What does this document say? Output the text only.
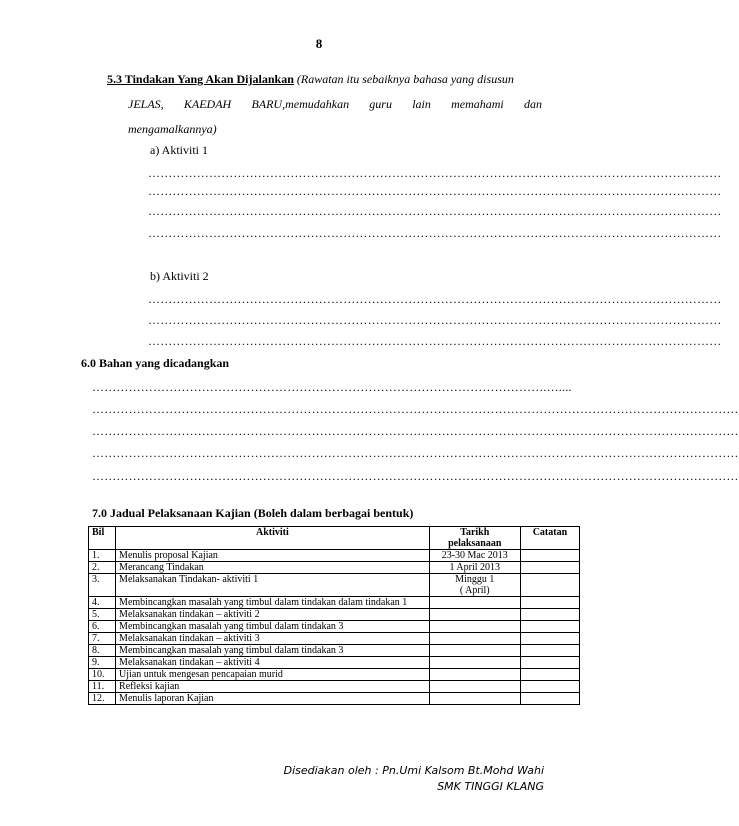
8
5.3 Tindakan Yang Akan Dijalankan (Rawatan itu sebaiknya bahasa yang disusun
JELAS, KAEDAH BARU,memudahkan guru lain memahami dan
mengamalkannya)
a) Aktiviti 1
……………………………………………………………………………………………………………………………
……………………………………………………………………………………………………………………………
……………………………………………………………………………………………………………………………
……………………………………………………………………………………………………………………………
b) Aktiviti 2
……………………………………………………………………………………………………………………………
……………………………………………………………………………………………………………………………
……………………………………………………………………………………………………………………………
6.0 Bahan yang dicadangkan
………………………………………………………………………………………………….…....
……………………………………………………………………………………………………………………………………………
……………………………………………………………………………………………………………………………………………
……………………………………………………………………………………………………………………………………………
……………………………………………………………………………………………………………………………………………
7.0 Jadual Pelaksanaan Kajian (Boleh dalam berbagai bentuk)
Bil	Aktiviti	Tarikh
pelaksanaan	Catatan
1.	Menulis proposal Kajian	23-30 Mac 2013	

2.	Merancang Tindakan	1 April 2013	

3.	Melaksanakan Tindakan- aktiviti 1	Minggu 1
( April)	

4.	Membincangkan masalah yang timbul dalam tindakan dalam tindakan 1	

5.	Melaksanakan tindakan – aktiviti 2	

6.	Membincangkan masalah yang timbul dalam tindakan 3	

7.	Melaksanakan tindakan – aktiviti 3	

8.	Membincangkan masalah yang timbul dalam tindakan 3	

9.	Melaksanakan tindakan – aktiviti 4	

10.	Ujian untuk mengesan pencapaian murid	

11.	Refleksi kajian	

12.	Menulis laporan Kajian	

Disediakan oleh : Pn.Umi Kalsom Bt.Mohd Wahi
SMK TINGGI KLANG
